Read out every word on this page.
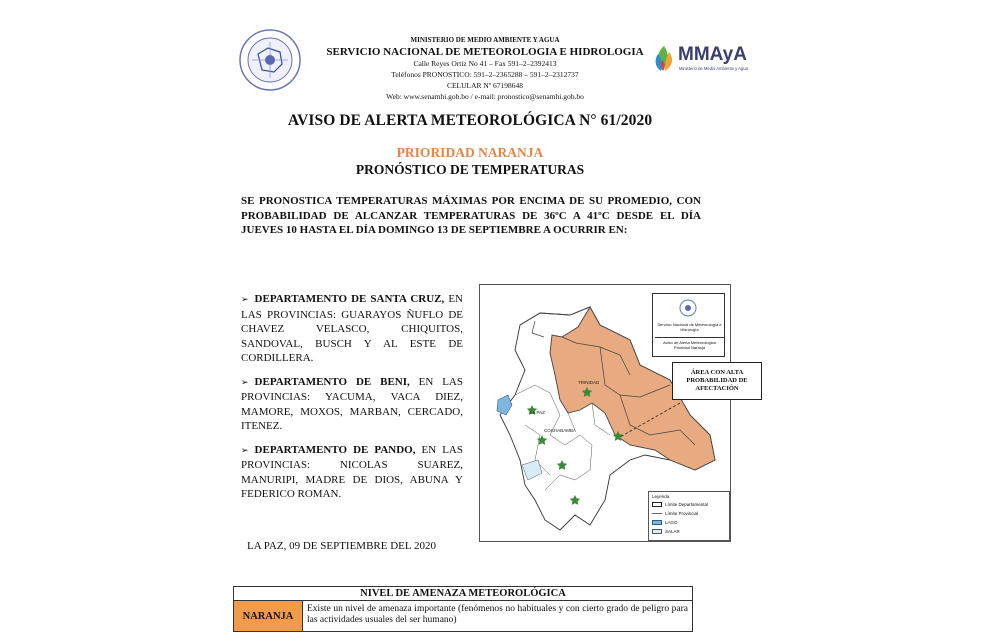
MINISTERIO DE MEDIO AMBIENTE Y AGUA
SERVICIO NACIONAL DE METEOROLOGIA E HIDROLOGIA
Calle Reyes Ortiz No 41 – Fax 591–2–2392413
Teléfonos PRONOSTICO: 591–2–2365288 – 591–2–2312737
CELULAR Nº 67198648
Web: www.senamhi.gob.bo / e-mail: pronostico@senamhi.gob.bo
MMAyA
Ministerio de Medio Ambiente y Agua
AVISO DE ALERTA METEOROLÓGICA N° 61/2020
PRIORIDAD NARANJA
PRONÓSTICO DE TEMPERATURAS
SE PRONOSTICA TEMPERATURAS MÁXIMAS POR ENCIMA DE SU PROMEDIO, CON PROBABILIDAD DE ALCANZAR TEMPERATURAS DE 36ºC A 41ºC DESDE EL DÍA JUEVES 10 HASTA EL DÍA DOMINGO 13 DE SEPTIEMBRE A OCURRIR EN:
➢ DEPARTAMENTO DE SANTA CRUZ, EN LAS PROVINCIAS: GUARAYOS ÑUFLO DE CHAVEZ VELASCO, CHIQUITOS, SANDOVAL, BUSCH Y AL ESTE DE CORDILLERA.
➢ DEPARTAMENTO DE BENI, EN LAS PROVINCIAS: YACUMA, VACA DIEZ, MAMORE, MOXOS, MARBAN, CERCADO, ITENEZ.
➢ DEPARTAMENTO DE PANDO, EN LAS PROVINCIAS: NICOLAS SUAREZ, MANURIPI, MADRE DE DIOS, ABUNA Y FEDERICO ROMAN.
TRINIDAD
LA PAZ
COCHABAMBA
Servicio Nacional de Meteorología e Hidrología
Aviso de Alerta Meteorológica Prioridad Naranja
ÁREA CON ALTA PROBABILIDAD DE AFECTACIÓN
Leyenda
Límite Departamental
Límite Provincial
LAGO
SALAR
LA PAZ, 09 DE SEPTIEMBRE DEL 2020
NIVEL DE AMENAZA METEOROLÓGICA
NARANJA
Existe un nivel de amenaza importante (fenómenos no habituales y con cierto grado de peligro para las actividades usuales del ser humano)
